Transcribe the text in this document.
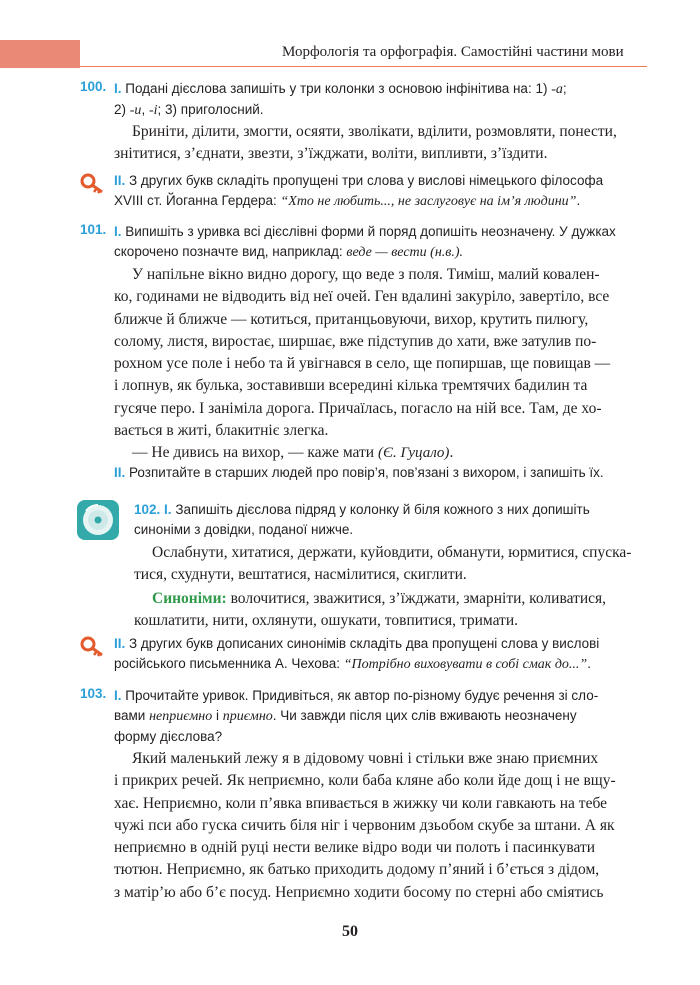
Морфологія та орфографія. Самостійні частини мови
100. I. Подані дієслова запишіть у три колонки з основою інфінітива на: 1) -а;
2) -и, -і; 3) приголосний.
Бриніти, ділити, змогти, осяяти, зволікати, вділити, розмовляти, понести,
знітитися, з’єднати, звезти, з’їжджати, воліти, випливти, з’їздити.
II. З других букв складіть пропущені три слова у вислові німецького філософа
XVIII ст. Йоганна Гердера: “Хто не любить..., не заслуговує на ім’я людини”.
101. I. Випишіть з уривка всі дієслівні форми й поряд допишіть неозначену. У дужках
скорочено позначте вид, наприклад: веде — вести (н.в.).
У напільне вікно видно дорогу, що веде з поля. Тиміш, малий ковален-
ко, годинами не відводить від неї очей. Ген вдалині закуріло, завертіло, все
ближче й ближче — котиться, пританцьовуючи, вихор, крутить пилюгу,
солому, листя, виростає, ширшає, вже підступив до хати, вже затулив по-
рохном усе поле і небо та й увігнався в село, ще попиршав, ще повищав —
і лопнув, як булька, зоставивши всередині кілька тремтячих бадилин та
гусяче перо. І заніміла дорога. Причаїлась, погасло на ній все. Там, де хо-
вається в житі, блакитніє злегка.
— Не дивись на вихор, — каже мати (Є. Гуцало).
II. Розпитайте в старших людей про повір’я, пов’язані з вихором, і запишіть їх.
102. I. Запишіть дієслова підряд у колонку й біля кожного з них допишіть
синоніми з довідки, поданої нижче.
Ослабнути, хитатися, держати, куйовдити, обманути, юрмитися, спуска-
тися, схуднути, вештатися, насмілитися, скиглити.
Синоніми: волочитися, зважитися, з’їжджати, змарніти, коливатися,
кошлатити, нити, охлянути, ошукати, товпитися, тримати.
II. З других букв дописаних синонімів складіть два пропущені слова у вислові
російського письменника А. Чехова: “Потрібно виховувати в собі смак до...”.
103. I. Прочитайте уривок. Придивіться, як автор по-різному будує речення зі сло-
вами неприємно і приємно. Чи завжди після цих слів вживають неозначену
форму дієслова?
Який маленький лежу я в дідовому човні і стільки вже знаю приємних
і прикрих речей. Як неприємно, коли баба кляне або коли йде дощ і не вщу-
хає. Неприємно, коли п’явка впивається в жижку чи коли гавкають на тебе
чужі пси або гуска сичить біля ніг і червоним дзьобом скубе за штани. А як
неприємно в одній руці нести велике відро води чи полоть і пасинкувати
тютюн. Неприємно, як батько приходить додому п’яний і б’ється з дідом,
з матір’ю або б’є посуд. Неприємно ходити босому по стерні або сміятись
50
